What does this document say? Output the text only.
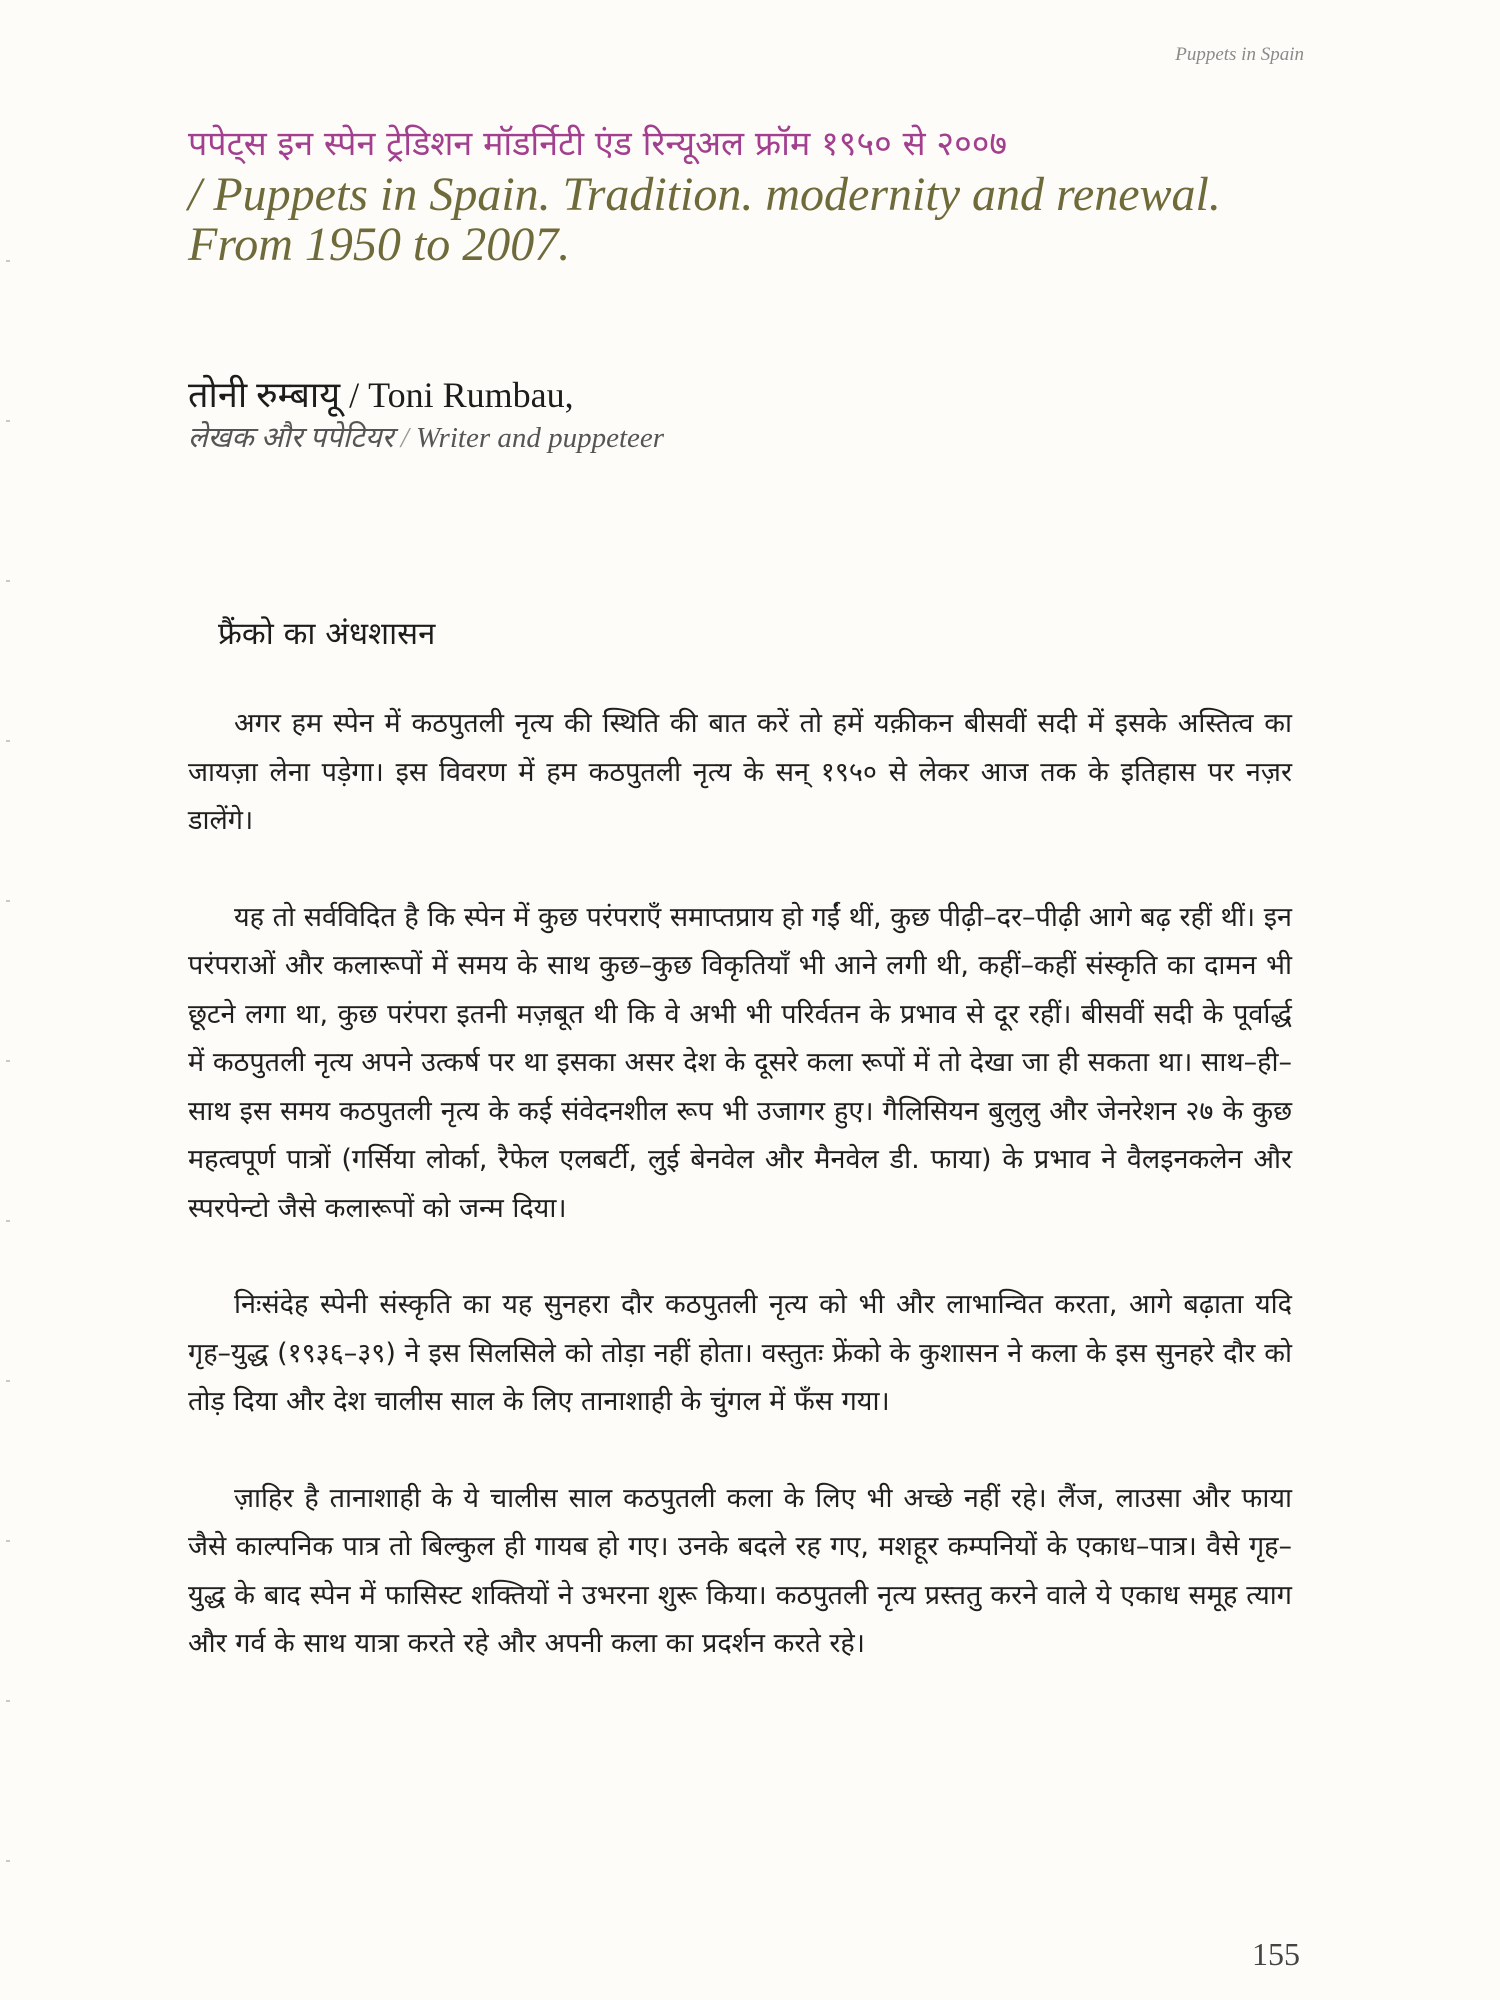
Puppets in Spain
पपेट्स इन स्पेन ट्रेडिशन मॉडर्निटी एंड रिन्यूअल फ्रॉम १९५० से २००७
/ Puppets in Spain. Tradition. modernity and renewal.
From 1950 to 2007.
तोनी रुम्बायू / Toni Rumbau,
लेखक और पपेटियर / Writer and puppeteer
फ्रैंको का अंधशासन

अगर हम स्पेन में कठपुतली नृत्य की स्थिति की बात करें तो हमें यक़ीकन बीसवीं सदी में इसके अस्तित्व का जायज़ा लेना पड़ेगा। इस विवरण में हम कठपुतली नृत्य के सन् १९५० से लेकर आज तक के इतिहास पर नज़र डालेंगे।

यह तो सर्वविदित है कि स्पेन में कुछ परंपराएँ समाप्तप्राय हो गईं थीं, कुछ पीढ़ी–दर–पीढ़ी आगे बढ़ रहीं थीं। इन परंपराओं और कलारूपों में समय के साथ कुछ–कुछ विकृतियाँ भी आने लगी थी, कहीं–कहीं संस्कृति का दामन भी छूटने लगा था, कुछ परंपरा इतनी मज़बूत थी कि वे अभी भी परिर्वतन के प्रभाव से दूर रहीं। बीसवीं सदी के पूर्वार्द्ध में कठपुतली नृत्य अपने उत्कर्ष पर था इसका असर देश के दूसरे कला रूपों में तो देखा जा ही सकता था। साथ–ही–साथ इस समय कठपुतली नृत्य के कई संवेदनशील रूप भी उजागर हुए। गैलिसियन बुलुलु और जेनरेशन २७ के कुछ महत्वपूर्ण पात्रों (गर्सिया लोर्का, रैफेल एलबर्टी, लुई बेनवेल और मैनवेल डी. फाया) के प्रभाव ने वैलइनकलेन और स्परपेन्टो जैसे कलारूपों को जन्म दिया।

निःसंदेह स्पेनी संस्कृति का यह सुनहरा दौर कठपुतली नृत्य को भी और लाभान्वित करता, आगे बढ़ाता यदि गृह–युद्ध (१९३६–३९) ने इस सिलसिले को तोड़ा नहीं होता। वस्तुतः फ्रेंको के कुशासन ने कला के इस सुनहरे दौर को तोड़ दिया और देश चालीस साल के लिए तानाशाही के चुंगल में फँस गया।

ज़ाहिर है तानाशाही के ये चालीस साल कठपुतली कला के लिए भी अच्छे नहीं रहे। लैंज, लाउसा और फाया जैसे काल्पनिक पात्र तो बिल्कुल ही गायब हो गए। उनके बदले रह गए, मशहूर कम्पनियों के एकाध–पात्र। वैसे गृह–युद्ध के बाद स्पेन में फासिस्ट शक्तियों ने उभरना शुरू किया। कठपुतली नृत्य प्रस्ततु करने वाले ये एकाध समूह त्याग और गर्व के साथ यात्रा करते रहे और अपनी कला का प्रदर्शन करते रहे।

155
